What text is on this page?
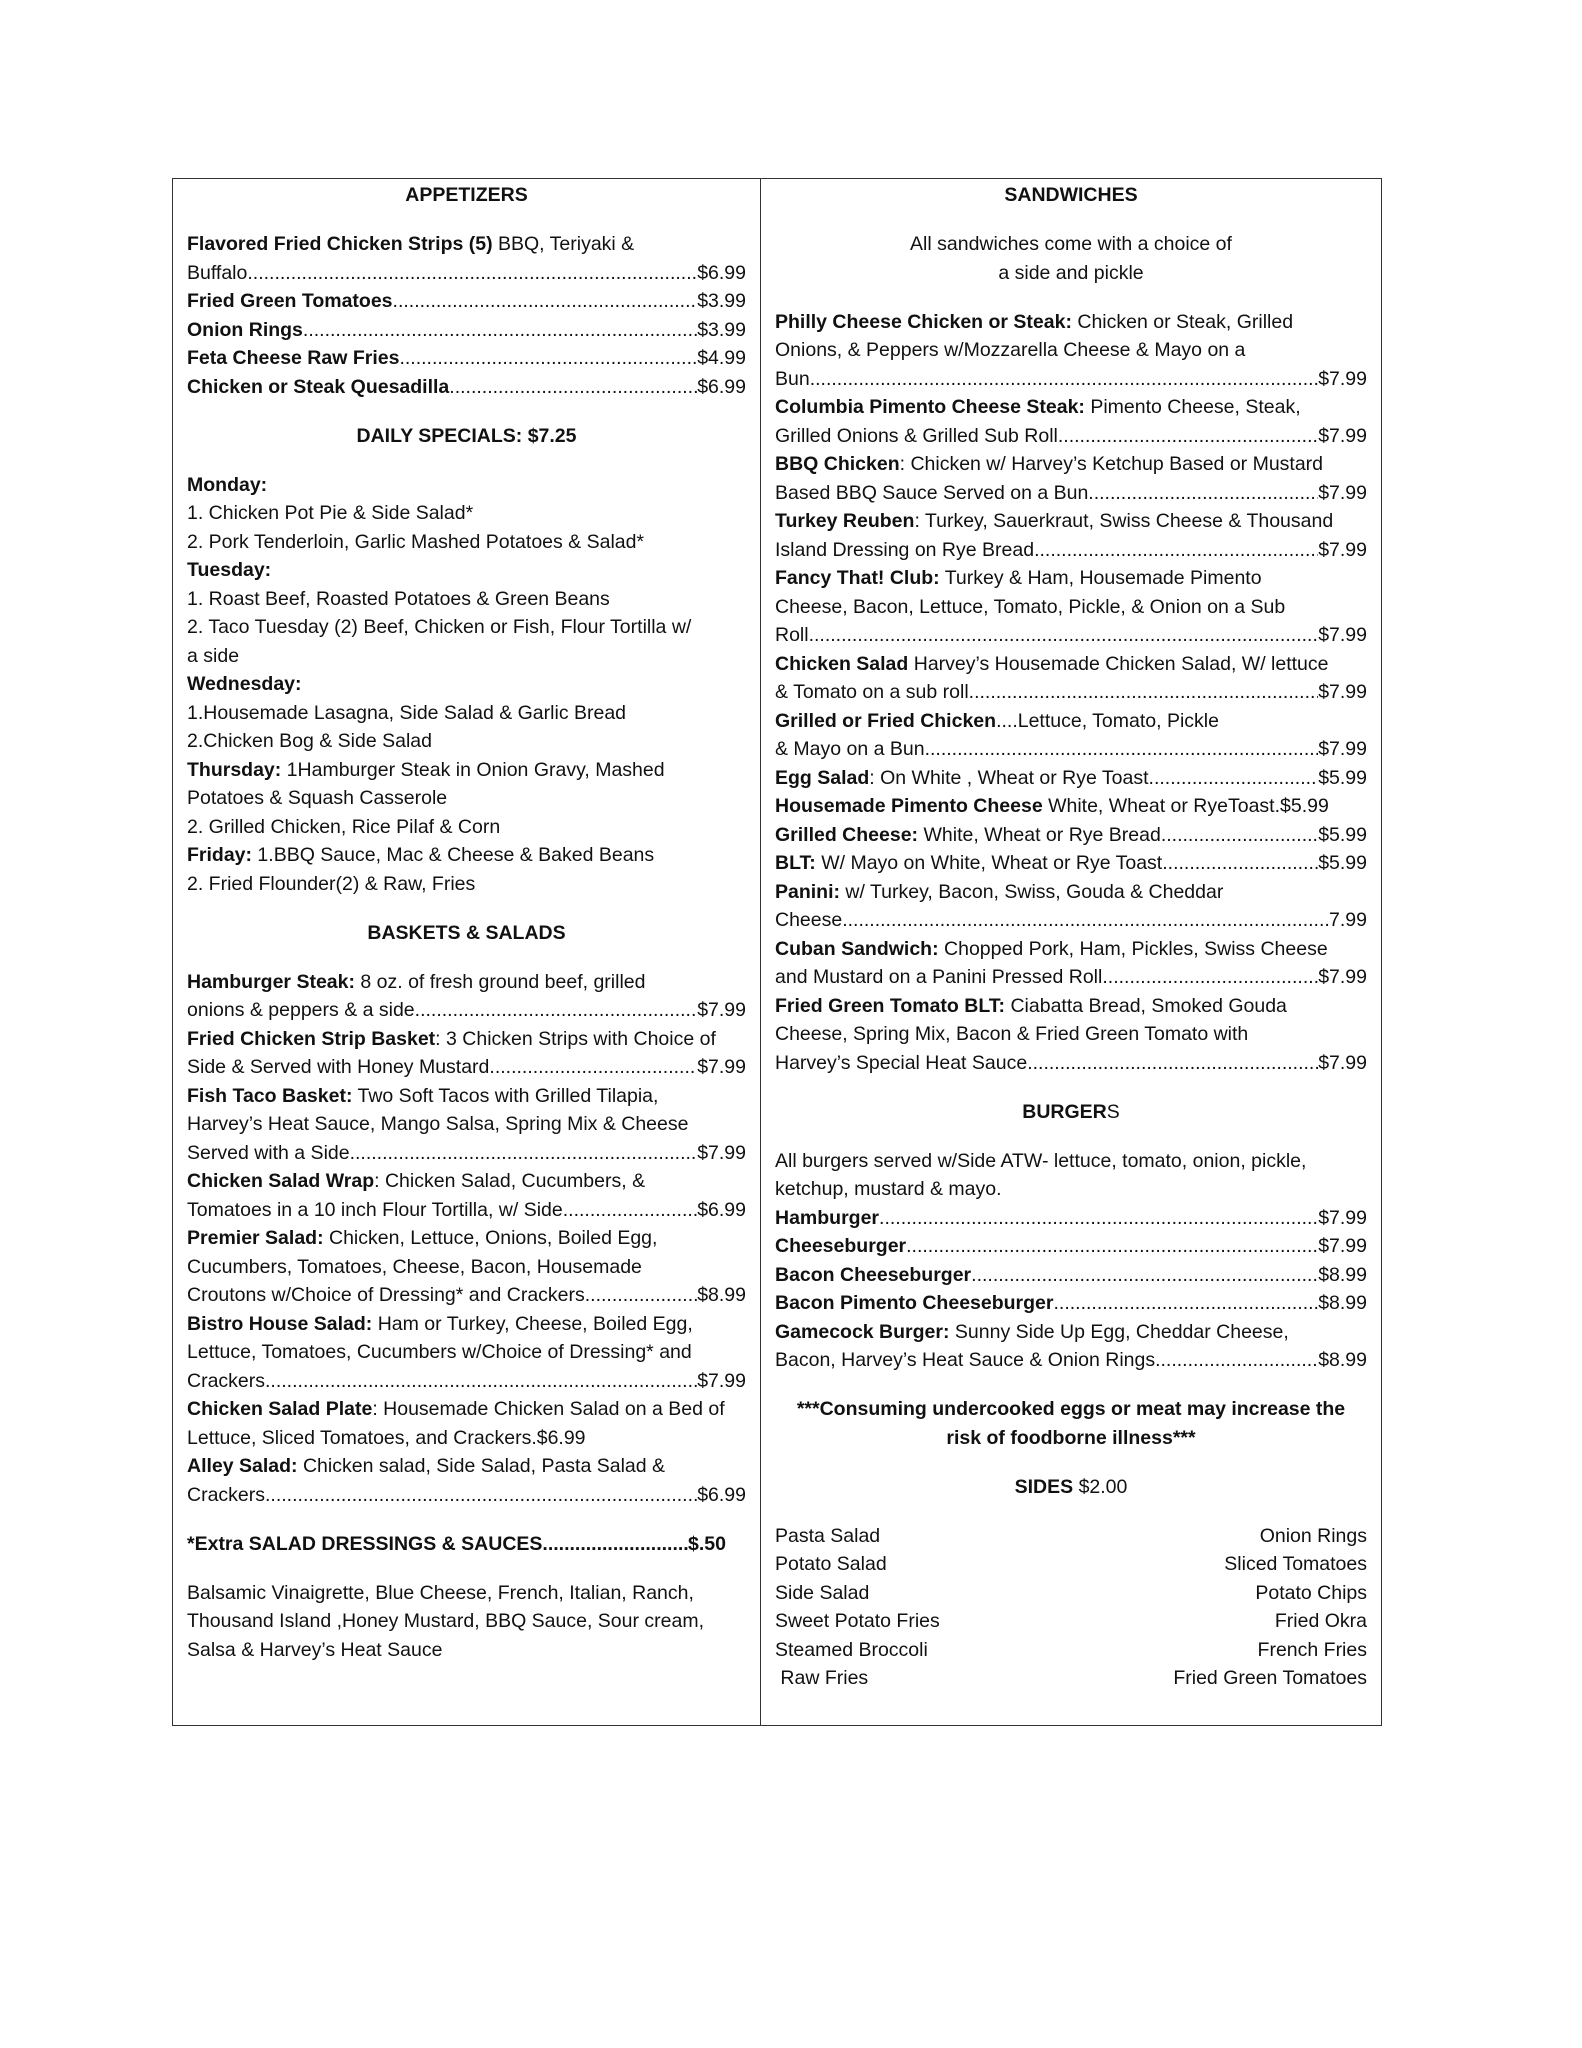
APPETIZERS
Flavored Fried Chicken Strips (5) BBQ, Teriyaki &
Buffalo .....	$6.99
Fried Green Tomatoes .....	$3.99
Onion Rings .....	$3.99
Feta Cheese Raw Fries .....	$4.99
Chicken or Steak Quesadilla .....	$6.99
DAILY SPECIALS: $7.25
Monday:
1. Chicken Pot Pie & Side Salad*
2. Pork Tenderloin, Garlic Mashed Potatoes & Salad*
Tuesday:
1. Roast Beef, Roasted Potatoes & Green Beans
2. Taco Tuesday (2) Beef, Chicken or Fish, Flour Tortilla w/
a side
Wednesday:
1.Housemade Lasagna, Side Salad & Garlic Bread
2.Chicken Bog & Side Salad
Thursday: 1Hamburger Steak in Onion Gravy, Mashed
Potatoes & Squash Casserole
2. Grilled Chicken, Rice Pilaf & Corn
Friday: 1.BBQ Sauce, Mac & Cheese & Baked Beans
2. Fried Flounder(2) & Raw, Fries
BASKETS & SALADS
Hamburger Steak: 8 oz. of fresh ground beef, grilled
onions & peppers & a side .....	$7.99
Fried Chicken Strip Basket: 3 Chicken Strips with Choice of
Side & Served with Honey Mustard .....	$7.99
Fish Taco Basket: Two Soft Tacos with Grilled Tilapia,
Harvey’s Heat Sauce, Mango Salsa, Spring Mix & Cheese
Served with a Side .....	$7.99
Chicken Salad Wrap: Chicken Salad, Cucumbers, &
Tomatoes in a 10 inch Flour Tortilla, w/ Side .....	$6.99
Premier Salad: Chicken, Lettuce, Onions, Boiled Egg,
Cucumbers, Tomatoes, Cheese, Bacon, Housemade
Croutons w/Choice of Dressing* and Crackers .....	$8.99
Bistro House Salad: Ham or Turkey, Cheese, Boiled Egg,
Lettuce, Tomatoes, Cucumbers w/Choice of Dressing* and
Crackers .....	$7.99
Chicken Salad Plate: Housemade Chicken Salad on a Bed of
Lettuce, Sliced Tomatoes, and Crackers.$6.99
Alley Salad: Chicken salad, Side Salad, Pasta Salad &
Crackers .....	$6.99
*Extra SALAD DRESSINGS & SAUCES .....	$.50
Balsamic Vinaigrette, Blue Cheese, French, Italian, Ranch,
Thousand Island ,Honey Mustard, BBQ Sauce, Sour cream,
Salsa & Harvey’s Heat Sauce
SANDWICHES
All sandwiches come with a choice of
a side and pickle
Philly Cheese Chicken or Steak: Chicken or Steak, Grilled
Onions, & Peppers w/Mozzarella Cheese & Mayo on a
Bun .....	$7.99
Columbia Pimento Cheese Steak: Pimento Cheese, Steak,
Grilled Onions & Grilled Sub Roll .....	$7.99
BBQ Chicken: Chicken w/ Harvey’s Ketchup Based or Mustard
Based BBQ Sauce Served on a Bun .....	$7.99
Turkey Reuben: Turkey, Sauerkraut, Swiss Cheese & Thousand
Island Dressing on Rye Bread .....	$7.99
Fancy That! Club: Turkey & Ham, Housemade Pimento
Cheese, Bacon, Lettuce, Tomato, Pickle, & Onion on a Sub
Roll .....	$7.99
Chicken Salad Harvey’s Housemade Chicken Salad, W/ lettuce
& Tomato on a sub roll .....	$7.99
Grilled or Fried Chicken....Lettuce, Tomato, Pickle
& Mayo on a Bun .....	$7.99
Egg Salad: On White , Wheat or Rye Toast .....	$5.99
Housemade Pimento Cheese White, Wheat or RyeToast.$5.99
Grilled Cheese: White, Wheat or Rye Bread .....	$5.99
BLT: W/ Mayo on White, Wheat or Rye Toast .....	$5.99
Panini: w/ Turkey, Bacon, Swiss, Gouda & Cheddar
Cheese .....	7.99
Cuban Sandwich: Chopped Pork, Ham, Pickles, Swiss Cheese
and Mustard on a Panini Pressed Roll .....	$7.99
Fried Green Tomato BLT: Ciabatta Bread, Smoked Gouda
Cheese, Spring Mix, Bacon & Fried Green Tomato with
Harvey’s Special Heat Sauce .....	$7.99
BURGERS
All burgers served w/Side ATW- lettuce, tomato, onion, pickle,
ketchup, mustard & mayo.
Hamburger .....	$7.99
Cheeseburger .....	$7.99
Bacon Cheeseburger .....	$8.99
Bacon Pimento Cheeseburger .....	$8.99
Gamecock Burger: Sunny Side Up Egg, Cheddar Cheese,
Bacon, Harvey’s Heat Sauce & Onion Rings .....	$8.99
***Consuming undercooked eggs or meat may increase the
risk of foodborne illness***
SIDES $2.00
Pasta Salad	Onion Rings
Potato Salad	Sliced Tomatoes
Side Salad	Potato Chips
Sweet Potato Fries	Fried Okra
Steamed Broccoli	French Fries
Raw Fries	Fried Green Tomatoes
